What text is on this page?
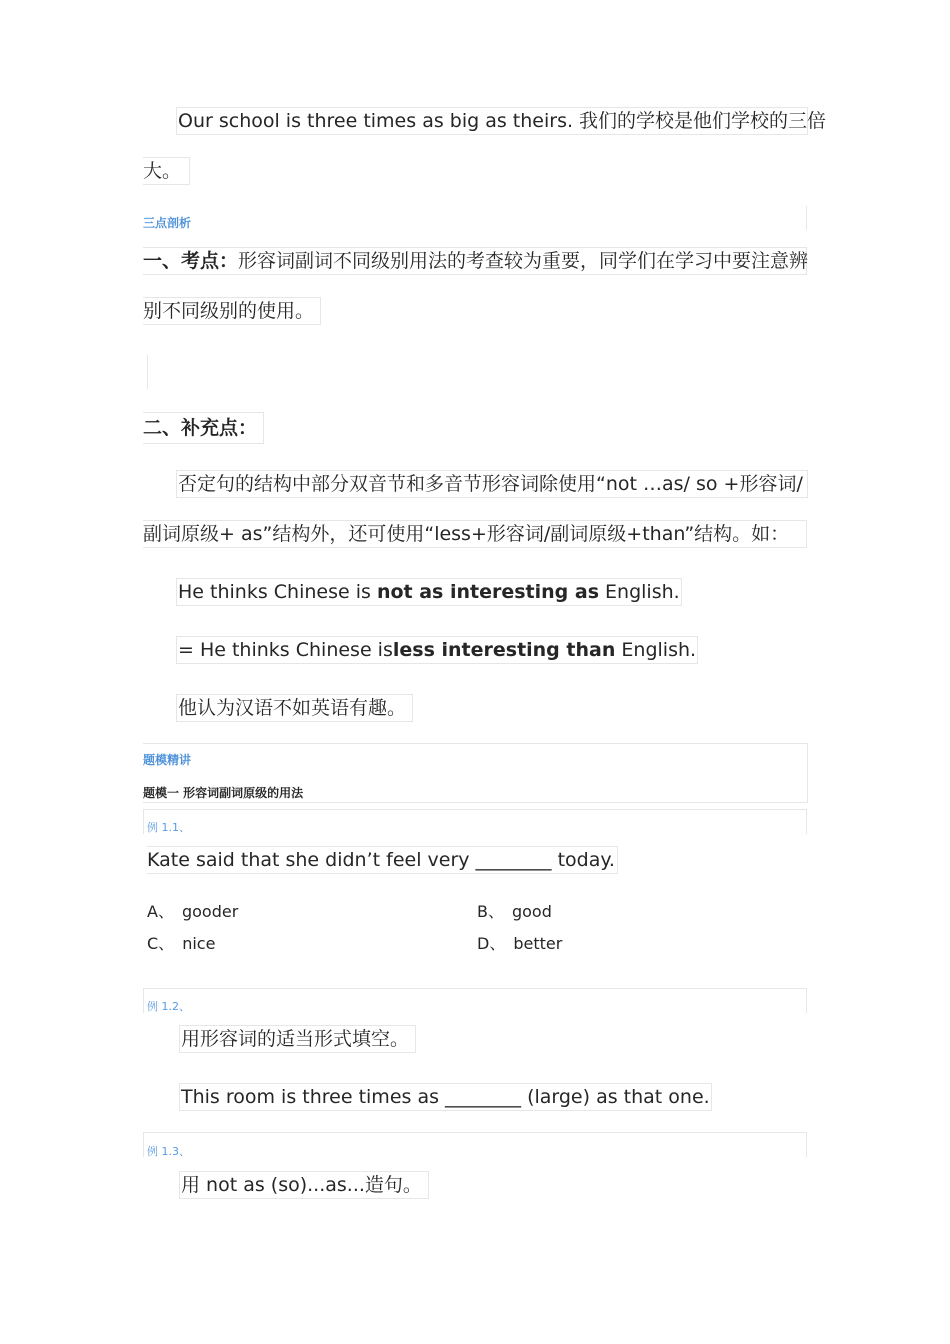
Our school is three times as big as theirs. 我们的学校是他们学校的三倍
大。
三点剖析
一、考点：形容词副词不同级别用法的考查较为重要，同学们在学习中要注意辨
别不同级别的使用。
二、补充点：
否定句的结构中部分双音节和多音节形容词除使用“not …as/ so +形容词/
副词原级+ as”结构外，还可使用“less+形容词/副词原级+than”结构。如：
He thinks Chinese is not as interesting as English.
= He thinks Chinese isless interesting than English.
他认为汉语不如英语有趣。
题模精讲
题模一 形容词副词原级的用法
例 1.1、
Kate said that she didn’t feel very ________ today.
A、 gooder	B、 good
C、 nice	D、 better
例 1.2、
用形容词的适当形式填空。
This room is three times as ________ (large) as that one.
例 1.3、
用 not as (so)...as...造句。
